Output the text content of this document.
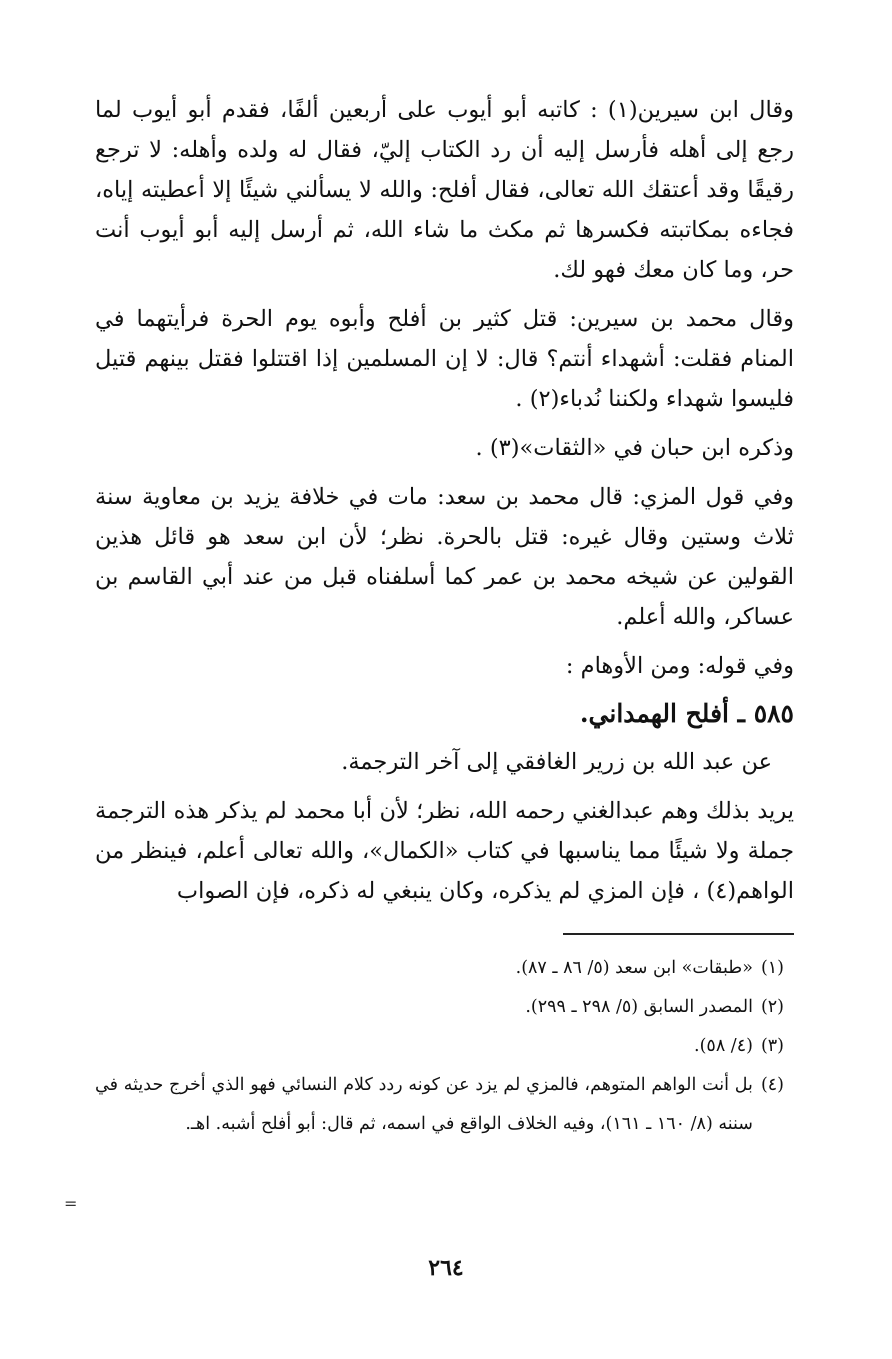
وقال ابن سيرين(١) : كاتبه أبو أيوب على أربعين ألفًا، فقدم أبو أيوب لما رجع إلى أهله فأرسل إليه أن رد الكتاب إليّ، فقال له ولده وأهله: لا ترجع رقيقًا وقد أعتقك الله تعالى، فقال أفلح: والله لا يسألني شيئًا إلا أعطيته إياه، فجاءه بمكاتبته فكسرها ثم مكث ما شاء الله، ثم أرسل إليه أبو أيوب أنت حر، وما كان معك فهو لك.

وقال محمد بن سيرين: قتل كثير بن أفلح وأبوه يوم الحرة فرأيتهما في المنام فقلت: أشهداء أنتم؟ قال: لا إن المسلمين إذا اقتتلوا فقتل بينهم قتيل فليسوا شهداء ولكننا نُدباء(٢) .

وذكره ابن حبان في «الثقات»(٣) .

وفي قول المزي: قال محمد بن سعد: مات في خلافة يزيد بن معاوية سنة ثلاث وستين وقال غيره: قتل بالحرة. نظر؛ لأن ابن سعد هو قائل هذين القولين عن شيخه محمد بن عمر كما أسلفناه قبل من عند أبي القاسم بن عساكر، والله أعلم.

وفي قوله: ومن الأوهام :

٥٨٥ ـ أفلح الهمداني.

عن عبد الله بن زرير الغافقي إلى آخر الترجمة.

يريد بذلك وهم عبدالغني رحمه الله، نظر؛ لأن أبا محمد لم يذكر هذه الترجمة جملة ولا شيئًا مما يناسبها في كتاب «الكمال»، والله تعالى أعلم، فينظر من الواهم(٤) ، فإن المزي لم يذكره، وكان ينبغي له ذكره، فإن الصواب

(١)
«طبقات» ابن سعد (٥/ ٨٦ ـ ٨٧).
(٢)
المصدر السابق (٥/ ٢٩٨ ـ ٢٩٩).
(٣)
(٤/ ٥٨).
(٤)
بل أنت الواهم المتوهم، فالمزي لم يزد عن كونه ردد كلام النسائي فهو الذي أخرج حديثه في سننه (٨/ ١٦٠ ـ ١٦١)، وفيه الخلاف الواقع في اسمه، ثم قال: أبو أفلح أشبه. اهـ.
=
٢٦٤
